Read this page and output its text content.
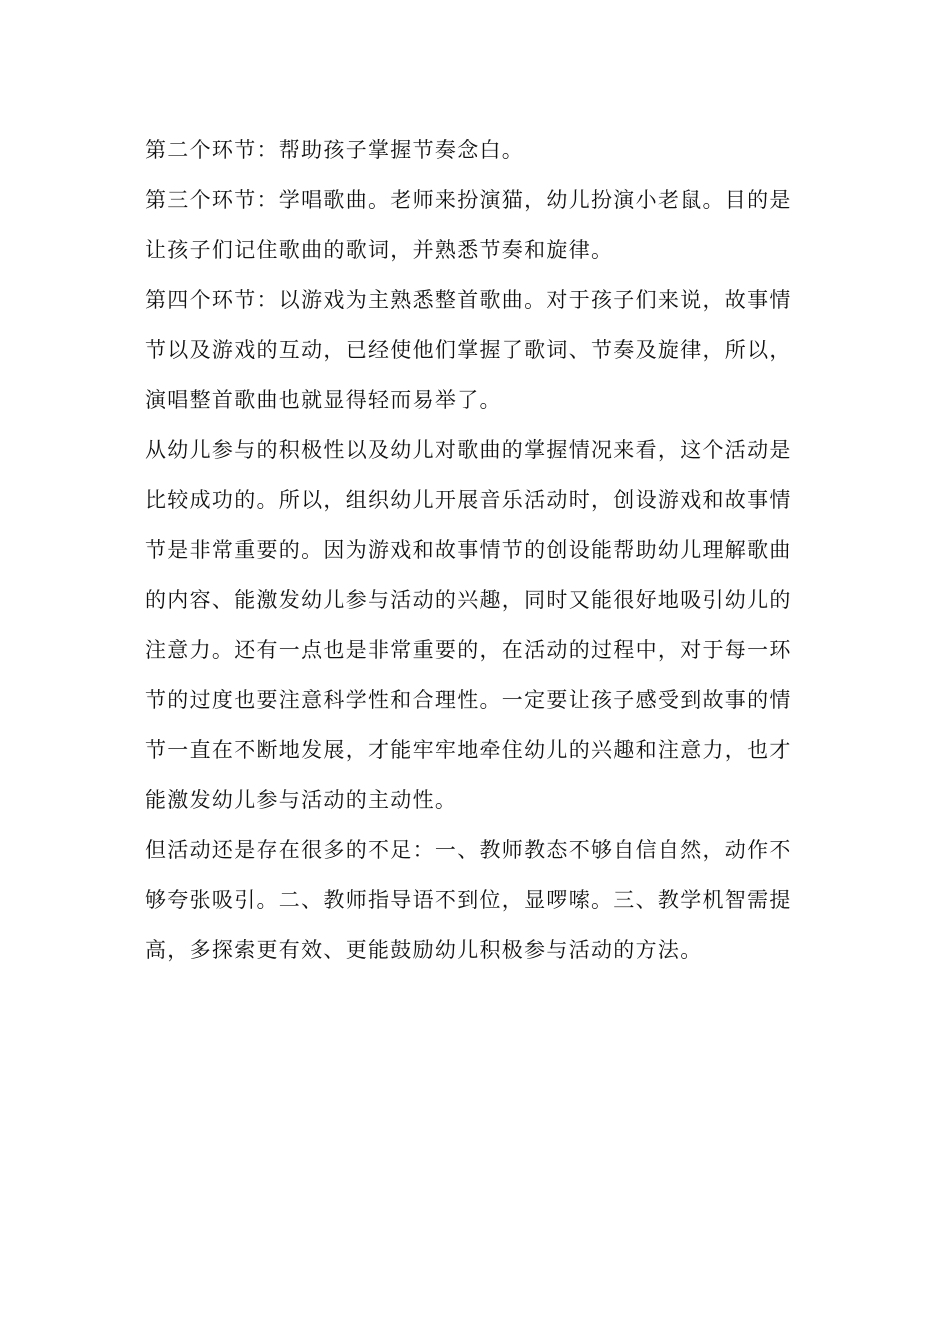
第二个环节：帮助孩子掌握节奏念白。
第三个环节：学唱歌曲。老师来扮演猫，幼儿扮演小老鼠。目的是
让孩子们记住歌曲的歌词，并熟悉节奏和旋律。
第四个环节：以游戏为主熟悉整首歌曲。对于孩子们来说，故事情
节以及游戏的互动，已经使他们掌握了歌词、节奏及旋律，所以，
演唱整首歌曲也就显得轻而易举了。
从幼儿参与的积极性以及幼儿对歌曲的掌握情况来看，这个活动是
比较成功的。所以，组织幼儿开展音乐活动时，创设游戏和故事情
节是非常重要的。因为游戏和故事情节的创设能帮助幼儿理解歌曲
的内容、能激发幼儿参与活动的兴趣，同时又能很好地吸引幼儿的
注意力。还有一点也是非常重要的，在活动的过程中，对于每一环
节的过度也要注意科学性和合理性。一定要让孩子感受到故事的情
节一直在不断地发展，才能牢牢地牵住幼儿的兴趣和注意力，也才
能激发幼儿参与活动的主动性。
但活动还是存在很多的不足：一、教师教态不够自信自然，动作不
够夸张吸引。二、教师指导语不到位，显啰嗦。三、教学机智需提
高，多探索更有效、更能鼓励幼儿积极参与活动的方法。
